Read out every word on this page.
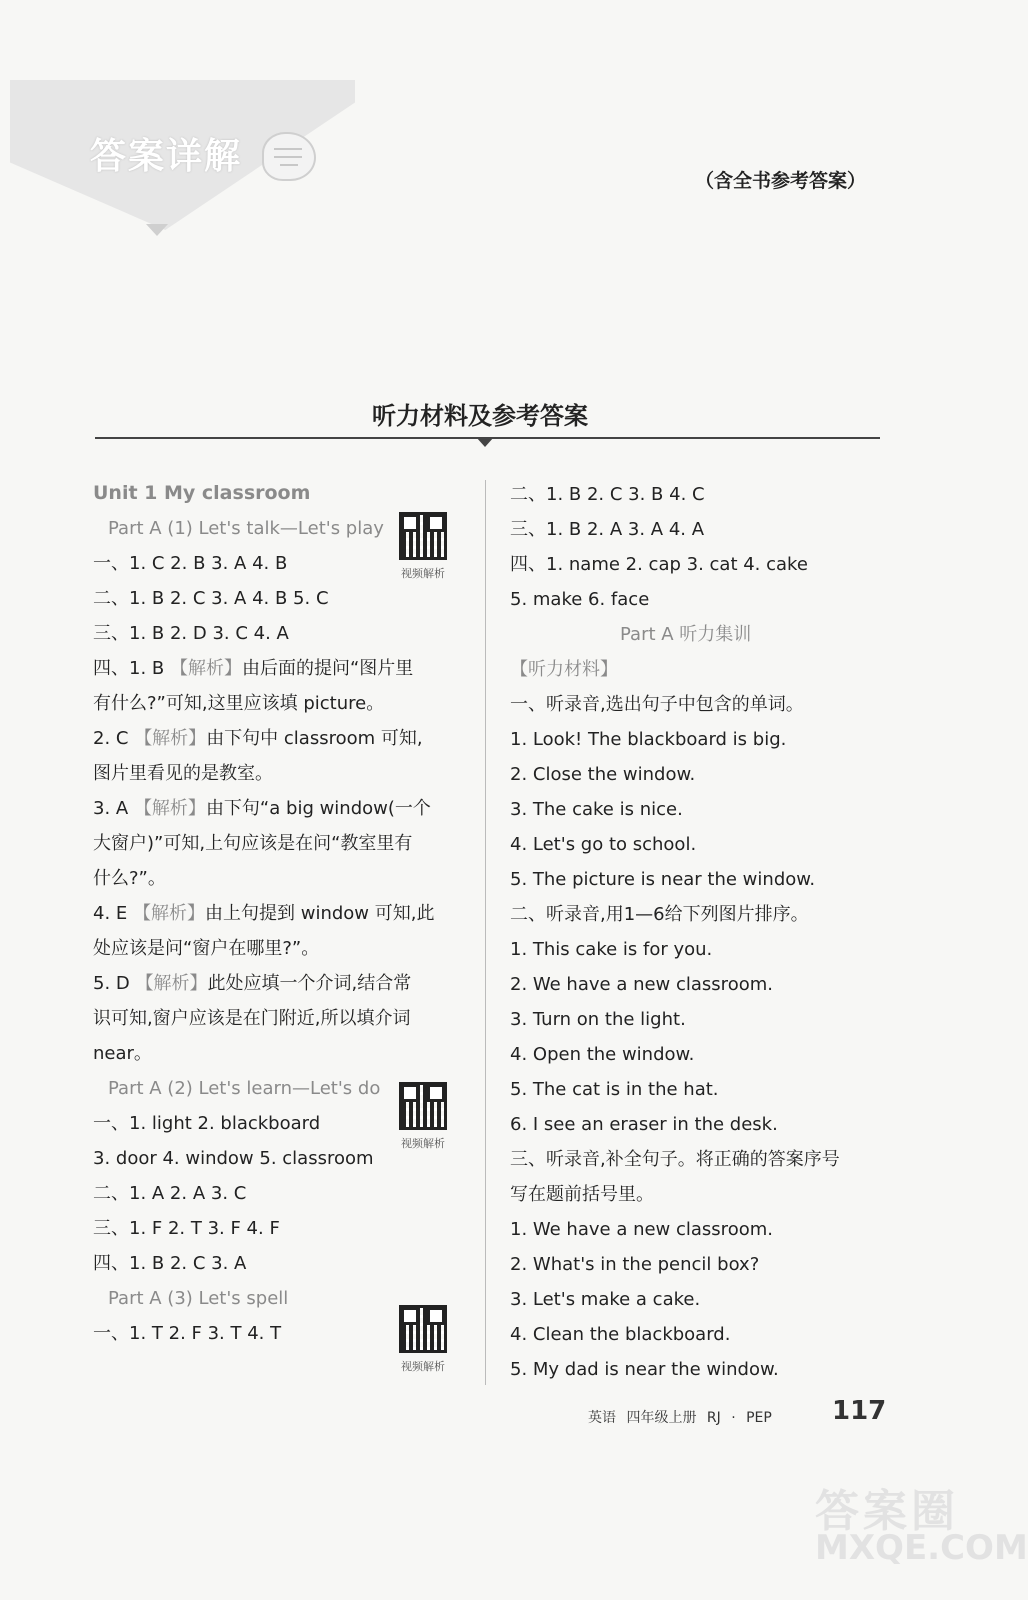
答案详解
（含全书参考答案）
听力材料及参考答案
Unit 1 My classroom
Part A (1) Let's talk—Let's play
一、1. C 2. B 3. A 4. B
二、1. B 2. C 3. A 4. B 5. C
三、1. B 2. D 3. C 4. A
四、1. B 【解析】由后面的提问“图片里
有什么?”可知,这里应该填 picture。
2. C 【解析】由下句中 classroom 可知,
图片里看见的是教室。
3. A 【解析】由下句“a big window(一个
大窗户)”可知,上句应该是在问“教室里有
什么?”。
4. E 【解析】由上句提到 window 可知,此
处应该是问“窗户在哪里?”。
5. D 【解析】此处应填一个介词,结合常
识可知,窗户应该是在门附近,所以填介词
near。
Part A (2) Let's learn—Let's do
一、1. light 2. blackboard
3. door 4. window 5. classroom
二、1. A 2. A 3. C
三、1. F 2. T 3. F 4. F
四、1. B 2. C 3. A
Part A (3) Let's spell
一、1. T 2. F 3. T 4. T
二、1. B 2. C 3. B 4. C
三、1. B 2. A 3. A 4. A
四、1. name 2. cap 3. cat 4. cake
5. make 6. face
Part A 听力集训
【听力材料】
一、听录音,选出句子中包含的单词。
1. Look! The blackboard is big.
2. Close the window.
3. The cake is nice.
4. Let's go to school.
5. The picture is near the window.
二、听录音,用1—6给下列图片排序。
1. This cake is for you.
2. We have a new classroom.
3. Turn on the light.
4. Open the window.
5. The cat is in the hat.
6. I see an eraser in the desk.
三、听录音,补全句子。将正确的答案序号
写在题前括号里。
1. We have a new classroom.
2. What's in the pencil box?
3. Let's make a cake.
4. Clean the blackboard.
5. My dad is near the window.
视频解析
视频解析
视频解析
英语 四年级上册 RJ · PEP 117
答案圈
MXQE.COM
